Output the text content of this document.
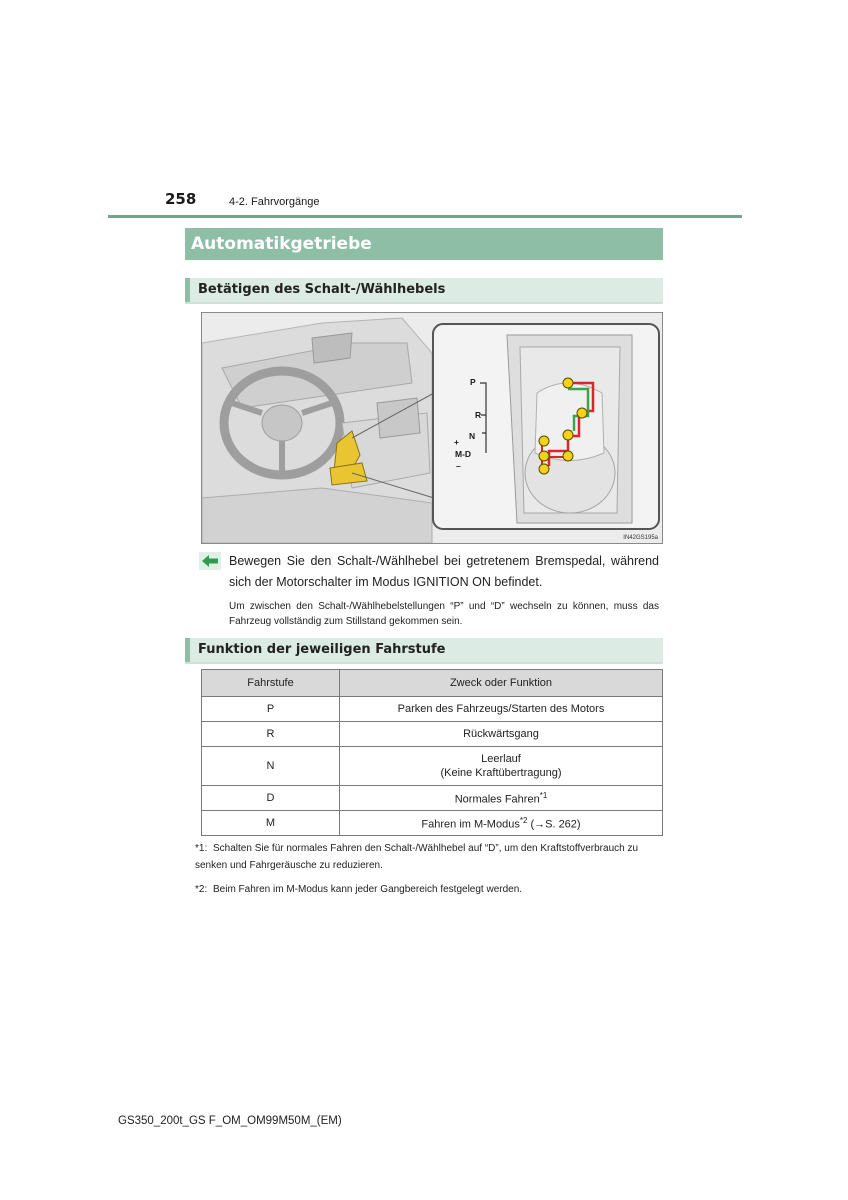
258	4-2. Fahrvorgänge
Automatikgetriebe
Betätigen des Schalt-/Wählhebels
P
R
N
+
M-D
–
IN42GS195a
Bewegen Sie den Schalt-/Wählhebel bei getretenem Bremspedal, während sich der Motorschalter im Modus IGNITION ON befindet.
Um zwischen den Schalt-/Wählhebelstellungen “P” und “D” wechseln zu können, muss das Fahrzeug vollständig zum Stillstand gekommen sein.
Funktion der jeweiligen Fahrstufe
Fahrstufe	Zweck oder Funktion
P	Parken des Fahrzeugs/Starten des Motors
R	Rückwärtsgang
N	Leerlauf
(Keine Kraftübertragung)
D	Normales Fahren$^{*1}$
M	Fahren im M-Modus$^{*2}$ (→S. 262)
*1: Schalten Sie für normales Fahren den Schalt-/Wählhebel auf “D”, um den Kraftstoffverbrauch zu senken und Fahrgeräusche zu reduzieren.
*2: Beim Fahren im M-Modus kann jeder Gangbereich festgelegt werden.
GS350_200t_GS F_OM_OM99M50M_(EM)
